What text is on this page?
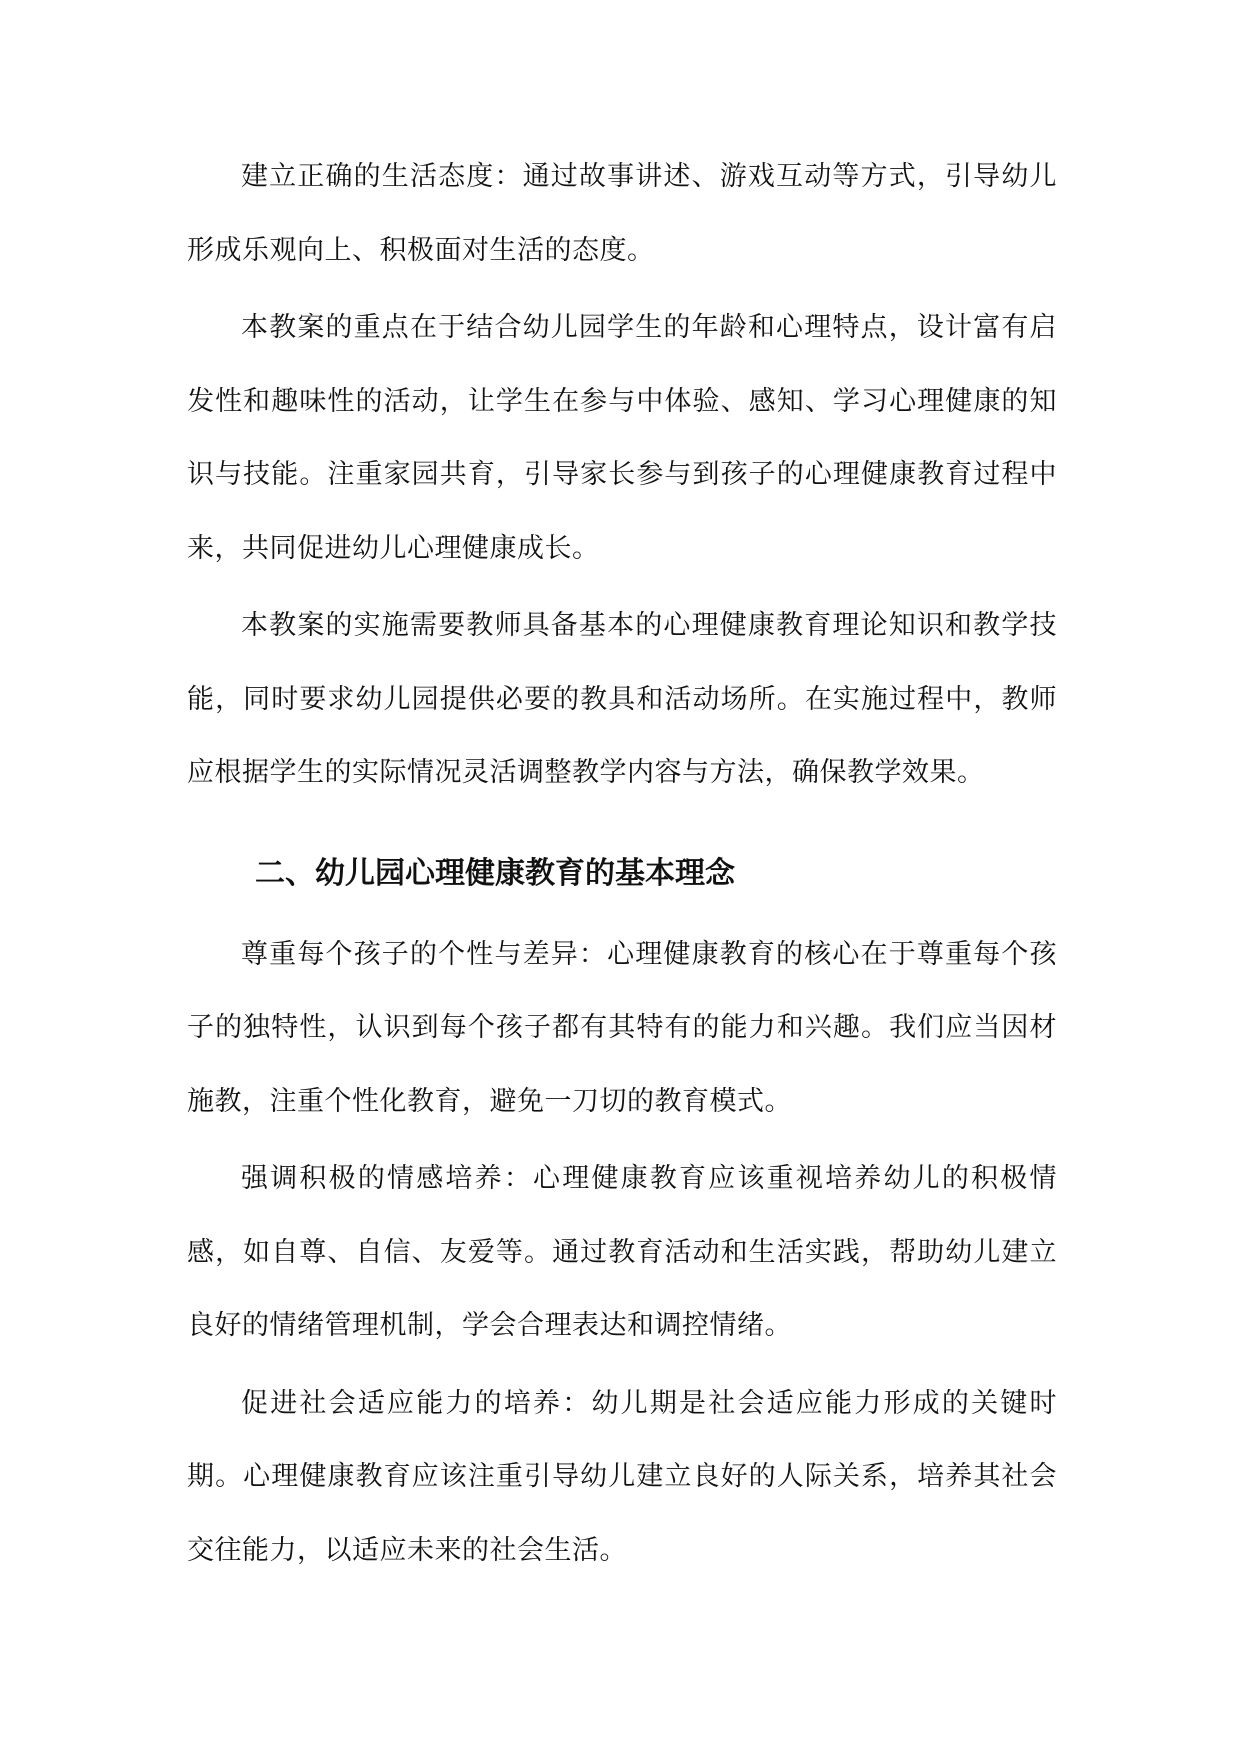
建立正确的生活态度：通过故事讲述、游戏互动等方式，引导幼儿形成乐观向上、积极面对生活的态度。

本教案的重点在于结合幼儿园学生的年龄和心理特点，设计富有启发性和趣味性的活动，让学生在参与中体验、感知、学习心理健康的知识与技能。注重家园共育，引导家长参与到孩子的心理健康教育过程中来，共同促进幼儿心理健康成长。

本教案的实施需要教师具备基本的心理健康教育理论知识和教学技能，同时要求幼儿园提供必要的教具和活动场所。在实施过程中，教师应根据学生的实际情况灵活调整教学内容与方法，确保教学效果。

二、幼儿园心理健康教育的基本理念

尊重每个孩子的个性与差异：心理健康教育的核心在于尊重每个孩子的独特性，认识到每个孩子都有其特有的能力和兴趣。我们应当因材施教，注重个性化教育，避免一刀切的教育模式。

强调积极的情感培养：心理健康教育应该重视培养幼儿的积极情感，如自尊、自信、友爱等。通过教育活动和生活实践，帮助幼儿建立良好的情绪管理机制，学会合理表达和调控情绪。

促进社会适应能力的培养：幼儿期是社会适应能力形成的关键时期。心理健康教育应该注重引导幼儿建立良好的人际关系，培养其社会交往能力，以适应未来的社会生活。
